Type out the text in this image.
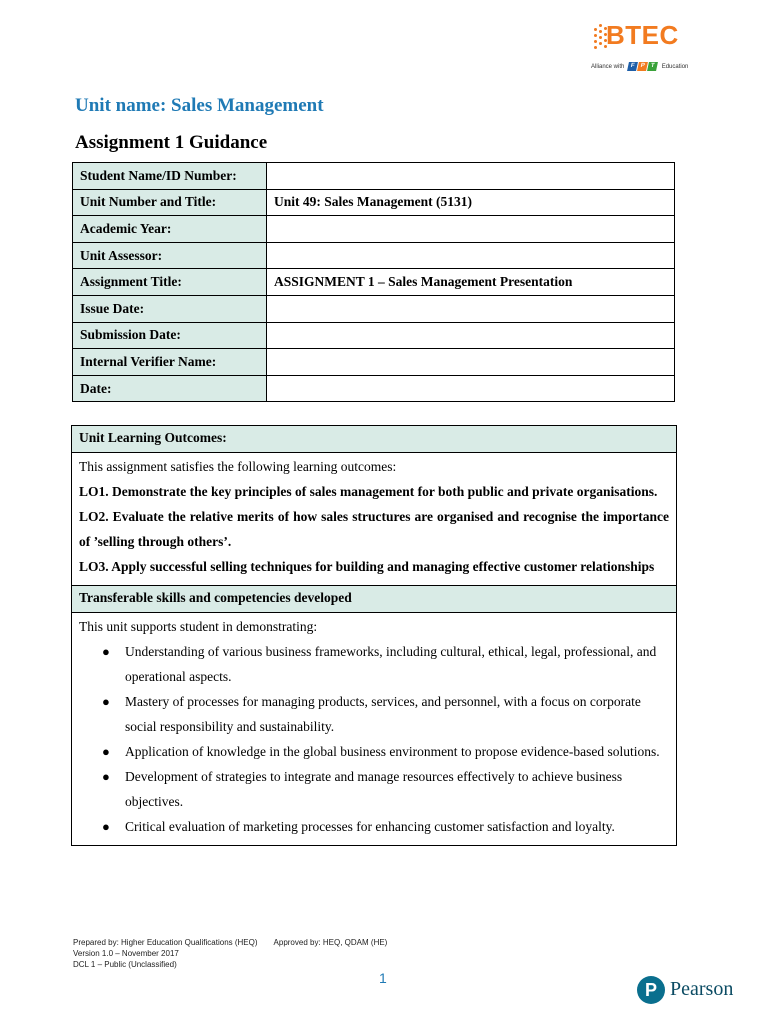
BTEC
Alliance with F P T	Education
Unit name: Sales Management
Assignment 1 Guidance
Student Name/ID Number:	
Unit Number and Title:	Unit 49: Sales Management (5131)
Academic Year:	
Unit Assessor:	
Assignment Title:	ASSIGNMENT 1 – Sales Management Presentation
Issue Date:	
Submission Date:	
Internal Verifier Name:	
Date:	
Unit Learning Outcomes:
This assignment satisfies the following learning outcomes:
LO1. Demonstrate the key principles of sales management for both public and private organisations.
LO2. Evaluate the relative merits of how sales structures are organised and recognise the importance of ’selling through others’.
LO3. Apply successful selling techniques for building and managing effective customer relationships
Transferable skills and competencies developed
This unit supports student in demonstrating:
● Understanding of various business frameworks, including cultural, ethical, legal, professional, and operational aspects.
● Mastery of processes for managing products, services, and personnel, with a focus on corporate social responsibility and sustainability.
● Application of knowledge in the global business environment to propose evidence-based solutions.
● Development of strategies to integrate and manage resources effectively to achieve business objectives.
● Critical evaluation of marketing processes for enhancing customer satisfaction and loyalty.
Prepared by: Higher Education Qualifications (HEQ) Approved by: HEQ, QDAM (HE)
Version 1.0 – November 2017
DCL 1 – Public (Unclassified)
1
P Pearson
